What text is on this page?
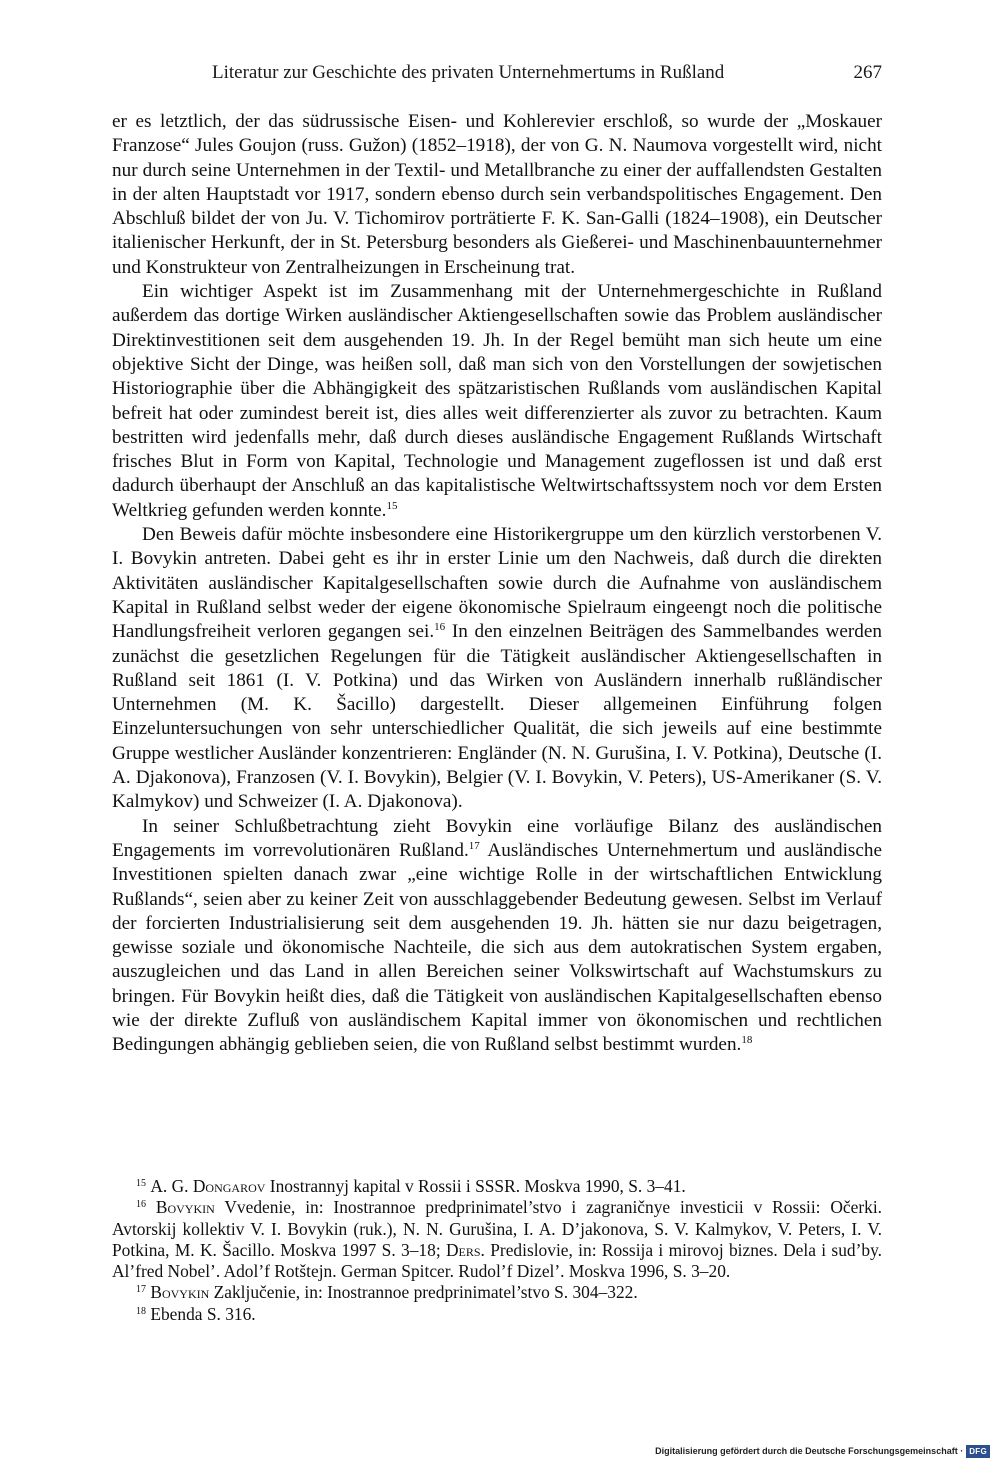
Literatur zur Geschichte des privaten Unternehmertums in Rußland	267

er es letztlich, der das südrussische Eisen- und Kohlerevier erschloß, so wurde der „Moskauer Franzose“ Jules Goujon (russ. Gužon) (1852–1918), der von G. N. Naumova vorgestellt wird, nicht nur durch seine Unternehmen in der Textil- und Metallbranche zu einer der auffallendsten Gestalten in der alten Hauptstadt vor 1917, sondern ebenso durch sein verbandspolitisches Engagement. Den Abschluß bildet der von Ju. V. Tichomirov porträtierte F. K. San-Galli (1824–1908), ein Deutscher italienischer Herkunft, der in St. Petersburg besonders als Gießerei- und Maschinenbauunternehmer und Konstrukteur von Zentralheizungen in Erscheinung trat.

Ein wichtiger Aspekt ist im Zusammenhang mit der Unternehmergeschichte in Rußland außerdem das dortige Wirken ausländischer Aktiengesellschaften sowie das Problem ausländischer Direktinvestitionen seit dem ausgehenden 19. Jh. In der Regel bemüht man sich heute um eine objektive Sicht der Dinge, was heißen soll, daß man sich von den Vorstellungen der sowjetischen Historiographie über die Abhängigkeit des spätzaristischen Rußlands vom ausländischen Kapital befreit hat oder zumindest bereit ist, dies alles weit differenzierter als zuvor zu betrachten. Kaum bestritten wird jedenfalls mehr, daß durch dieses ausländische Engagement Rußlands Wirtschaft frisches Blut in Form von Kapital, Technologie und Management zugeflossen ist und daß erst dadurch überhaupt der Anschluß an das kapitalistische Weltwirtschaftssystem noch vor dem Ersten Weltkrieg gefunden werden konnte.$^{15}$

Den Beweis dafür möchte insbesondere eine Historikergruppe um den kürzlich verstorbenen V. I. Bovykin antreten. Dabei geht es ihr in erster Linie um den Nachweis, daß durch die direkten Aktivitäten ausländischer Kapitalgesellschaften sowie durch die Aufnahme von ausländischem Kapital in Rußland selbst weder der eigene ökonomische Spielraum eingeengt noch die politische Handlungsfreiheit verloren gegangen sei.$^{16}$ In den einzelnen Beiträgen des Sammelbandes werden zunächst die gesetzlichen Regelungen für die Tätigkeit ausländischer Aktiengesellschaften in Rußland seit 1861 (I. V. Potkina) und das Wirken von Ausländern innerhalb rußländischer Unternehmen (M. K. Šacillo) dargestellt. Dieser allgemeinen Einführung folgen Einzeluntersuchungen von sehr unterschiedlicher Qualität, die sich jeweils auf eine bestimmte Gruppe westlicher Ausländer konzentrieren: Engländer (N. N. Gurušina, I. V. Potkina), Deutsche (I. A. Djakonova), Franzosen (V. I. Bovykin), Belgier (V. I. Bovykin, V. Peters), US-Amerikaner (S. V. Kalmykov) und Schweizer (I. A. Djakonova).

In seiner Schlußbetrachtung zieht Bovykin eine vorläufige Bilanz des ausländischen Engagements im vorrevolutionären Rußland.$^{17}$ Ausländisches Unternehmertum und ausländische Investitionen spielten danach zwar „eine wichtige Rolle in der wirtschaftlichen Entwicklung Rußlands“, seien aber zu keiner Zeit von ausschlaggebender Bedeutung gewesen. Selbst im Verlauf der forcierten Industrialisierung seit dem ausgehenden 19. Jh. hätten sie nur dazu beigetragen, gewisse soziale und ökonomische Nachteile, die sich aus dem autokratischen System ergaben, auszugleichen und das Land in allen Bereichen seiner Volkswirtschaft auf Wachstumskurs zu bringen. Für Bovykin heißt dies, daß die Tätigkeit von ausländischen Kapitalgesellschaften ebenso wie der direkte Zufluß von ausländischem Kapital immer von ökonomischen und rechtlichen Bedingungen abhängig geblieben seien, die von Rußland selbst bestimmt wurden.$^{18}$

$^{15}$ A. G. Dongarov Inostrannyj kapital v Rossii i SSSR. Moskva 1990, S. 3–41.

$^{16}$ Bovykin Vvedenie, in: Inostrannoe predprinimatel’stvo i zagraničnye investicii v Rossii: Očerki. Avtorskij kollektiv V. I. Bovykin (ruk.), N. N. Gurušina, I. A. D’jakonova, S. V. Kalmykov, V. Peters, I. V. Potkina, M. K. Šacillo. Moskva 1997 S. 3–18; Ders. Predislovie, in: Rossija i mirovoj biznes. Dela i sud’by. Al’fred Nobel’. Adol’f Rotštejn. German Spitcer. Rudol’f Dizel’. Moskva 1996, S. 3–20.

$^{17}$ Bovykin Zaključenie, in: Inostrannoe predprinimatel’stvo S. 304–322.

$^{18}$ Ebenda S. 316.

Digitalisierung gefördert durch die Deutsche Forschungsgemeinschaft · DFG
